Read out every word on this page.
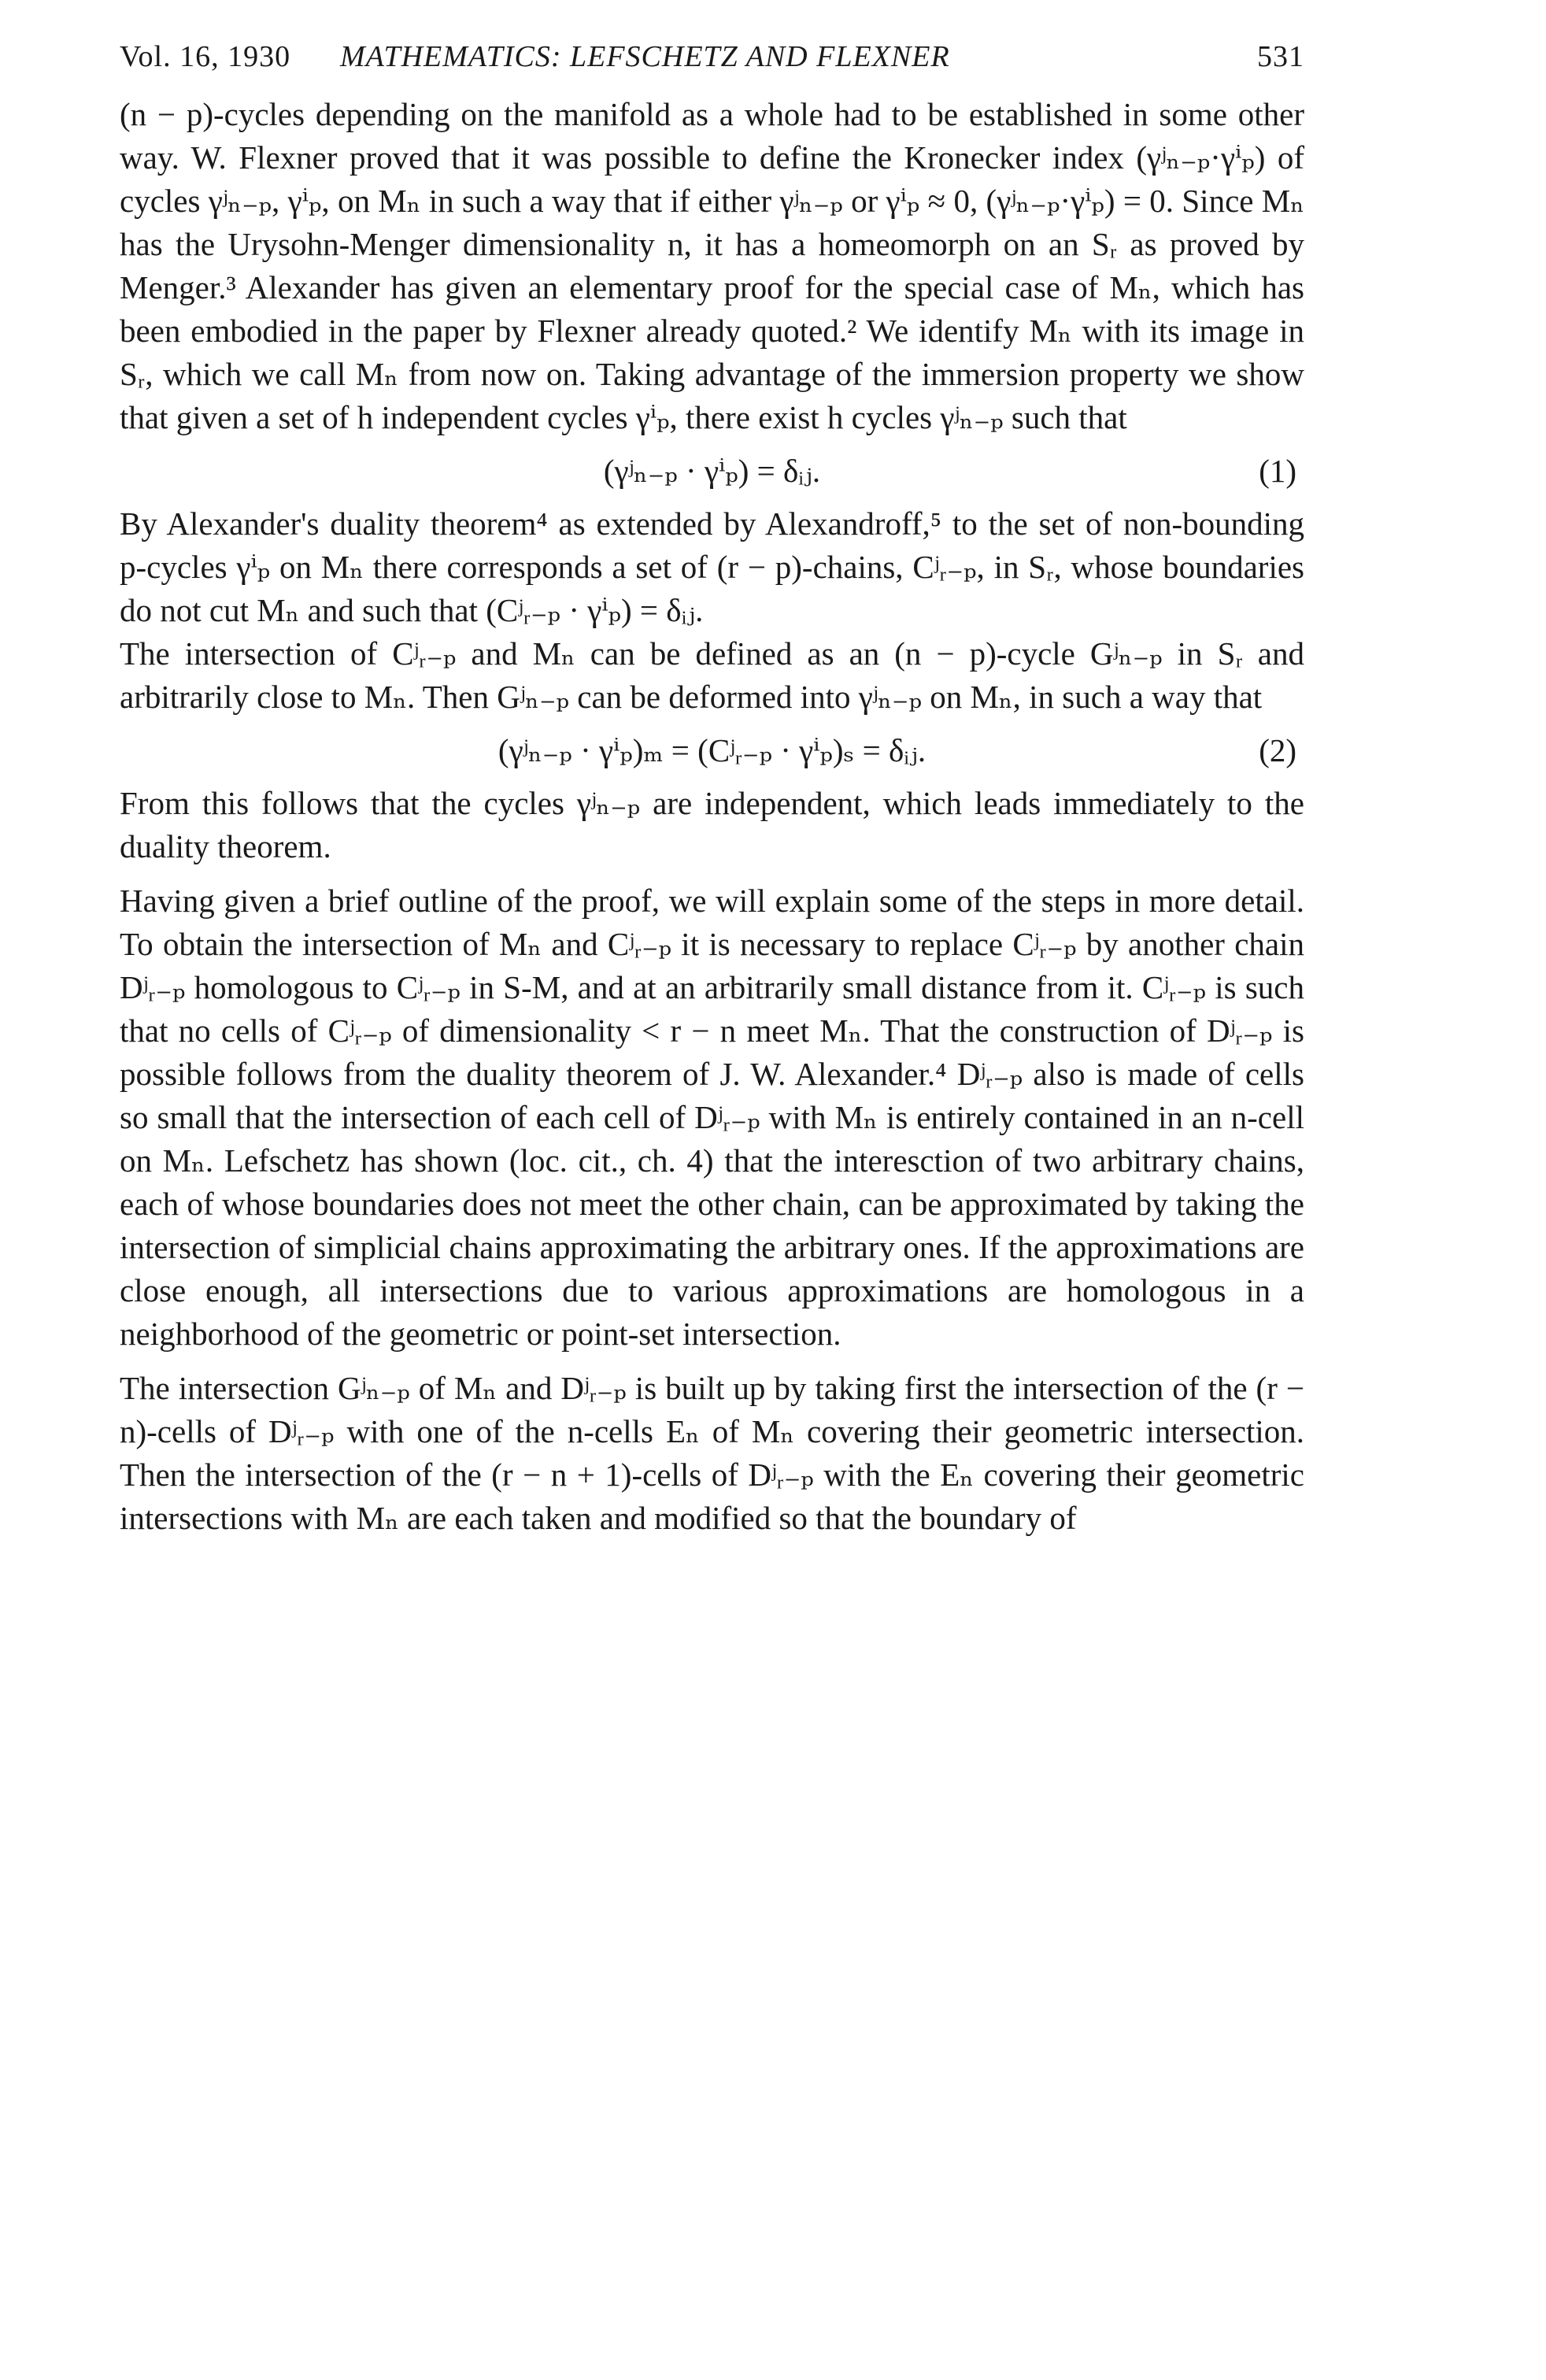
Vol. 16, 1930 MATHEMATICS: LEFSCHETZ AND FLEXNER	531

(n − p)-cycles depending on the manifold as a whole had to be established in some other way. W. Flexner proved that it was possible to define the Kronecker index (γʲₙ₋ₚ·γⁱₚ) of cycles γʲₙ₋ₚ, γⁱₚ, on Mₙ in such a way that if either γʲₙ₋ₚ or γⁱₚ ≈ 0, (γʲₙ₋ₚ·γⁱₚ) = 0. Since Mₙ has the Urysohn-Menger dimensionality n, it has a homeomorph on an Sᵣ as proved by Menger.³ Alexander has given an elementary proof for the special case of Mₙ, which has been embodied in the paper by Flexner already quoted.² We identify Mₙ with its image in Sᵣ, which we call Mₙ from now on. Taking advantage of the immersion property we show that given a set of h independent cycles γⁱₚ, there exist h cycles γʲₙ₋ₚ such that

(γʲₙ₋ₚ · γⁱₚ) = δᵢⱼ.	(1)

By Alexander's duality theorem⁴ as extended by Alexandroff,⁵ to the set of non-bounding p-cycles γⁱₚ on Mₙ there corresponds a set of (r − p)-chains, Cʲᵣ₋ₚ, in Sᵣ, whose boundaries do not cut Mₙ and such that (Cʲᵣ₋ₚ · γⁱₚ) = δᵢⱼ.

The intersection of Cʲᵣ₋ₚ and Mₙ can be defined as an (n − p)-cycle Gʲₙ₋ₚ in Sᵣ and arbitrarily close to Mₙ. Then Gʲₙ₋ₚ can be deformed into γʲₙ₋ₚ on Mₙ, in such a way that

(γʲₙ₋ₚ · γⁱₚ)ₘ = (Cʲᵣ₋ₚ · γⁱₚ)ₛ = δᵢⱼ.	(2)

From this follows that the cycles γʲₙ₋ₚ are independent, which leads immediately to the duality theorem.

Having given a brief outline of the proof, we will explain some of the steps in more detail. To obtain the intersection of Mₙ and Cʲᵣ₋ₚ it is necessary to replace Cʲᵣ₋ₚ by another chain Dʲᵣ₋ₚ homologous to Cʲᵣ₋ₚ in S-M, and at an arbitrarily small distance from it. Cʲᵣ₋ₚ is such that no cells of Cʲᵣ₋ₚ of dimensionality < r − n meet Mₙ. That the construction of Dʲᵣ₋ₚ is possible follows from the duality theorem of J. W. Alexander.⁴ Dʲᵣ₋ₚ also is made of cells so small that the intersection of each cell of Dʲᵣ₋ₚ with Mₙ is entirely contained in an n-cell on Mₙ. Lefschetz has shown (loc. cit., ch. 4) that the interesction of two arbitrary chains, each of whose boundaries does not meet the other chain, can be approximated by taking the intersection of simplicial chains approximating the arbitrary ones. If the approximations are close enough, all intersections due to various approximations are homologous in a neighborhood of the geometric or point-set intersection.

The intersection Gʲₙ₋ₚ of Mₙ and Dʲᵣ₋ₚ is built up by taking first the intersection of the (r − n)-cells of Dʲᵣ₋ₚ with one of the n-cells Eₙ of Mₙ covering their geometric intersection. Then the intersection of the (r − n + 1)-cells of Dʲᵣ₋ₚ with the Eₙ covering their geometric intersections with Mₙ are each taken and modified so that the boundary of
